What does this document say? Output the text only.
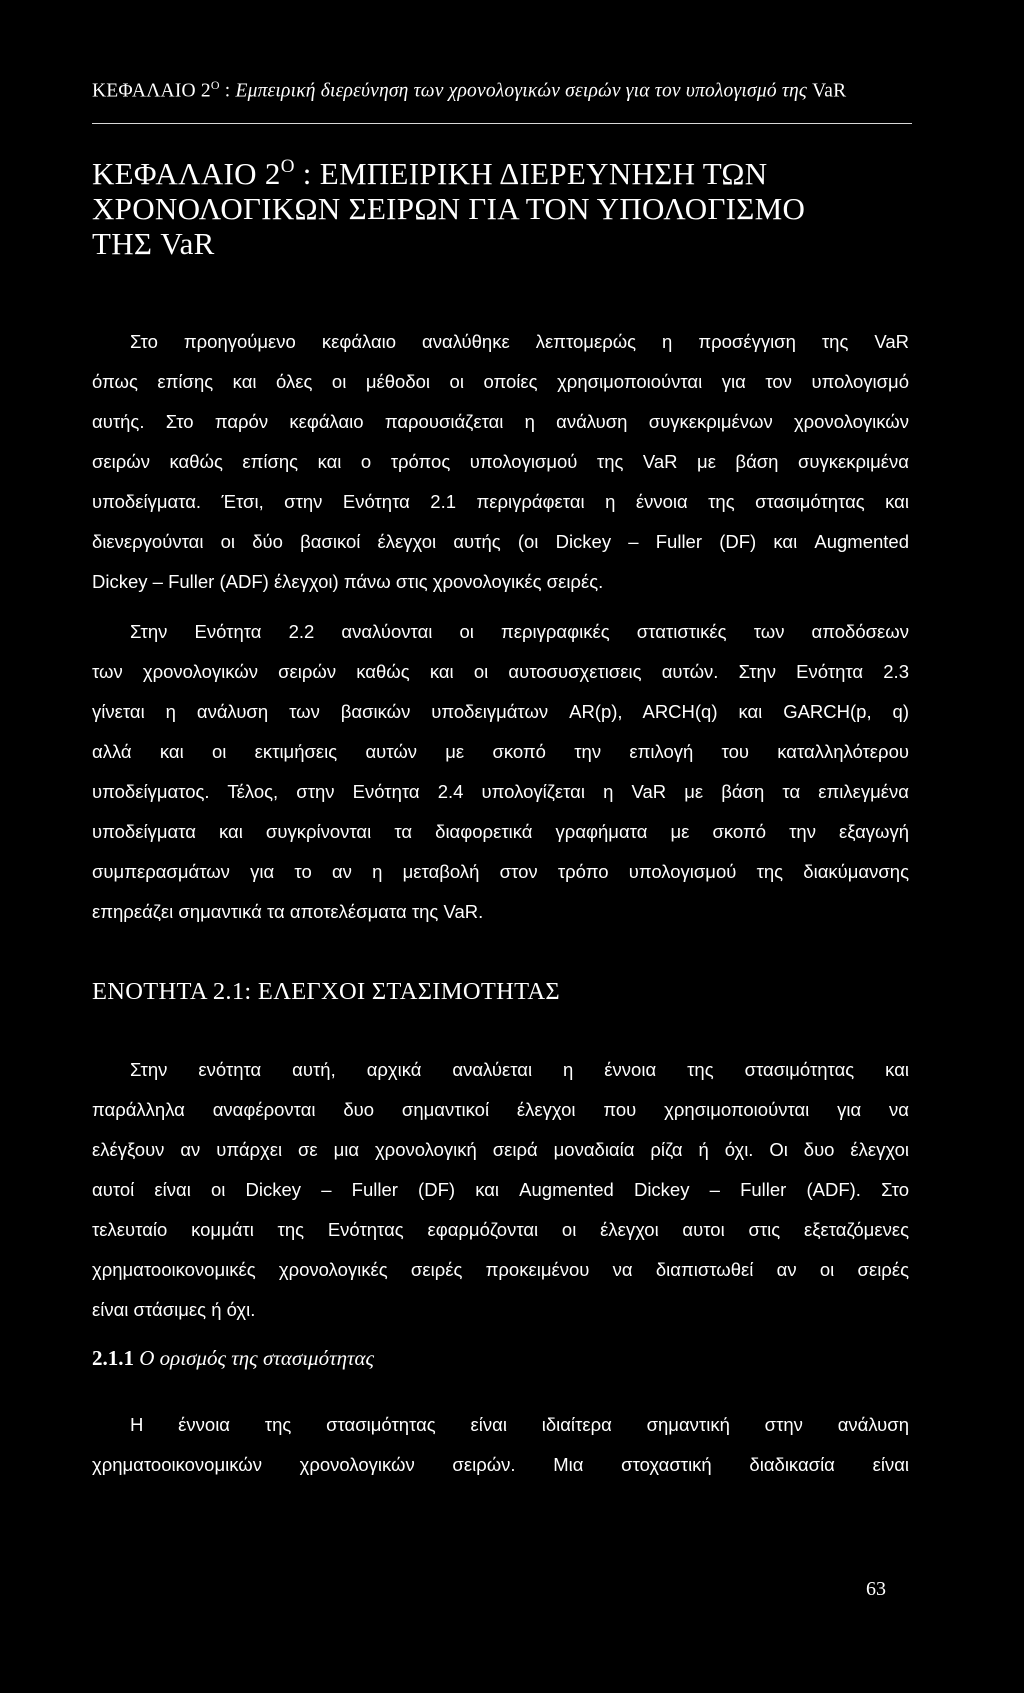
ΚΕΦΑΛΑΙΟ $2^O$ : Εμπειρική διερεύνηση των χρονολογικών σειρών για τον υπολογισμό της VaR
ΚΕΦΑΛΑΙΟ $2^O$ : ΕΜΠΕΙΡΙΚΗ ΔΙΕΡΕΥΝΗΣΗ ΤΩΝ
ΧΡΟΝΟΛΟΓΙΚΩΝ ΣΕΙΡΩΝ ΓΙΑ ΤΟΝ ΥΠΟΛΟΓΙΣΜΟ
ΤΗΣ VaR
Στο προηγούμενο κεφάλαιο αναλύθηκε λεπτομερώς η προσέγγιση της VaR
όπως επίσης και όλες οι μέθοδοι οι οποίες χρησιμοποιούνται για τον υπολογισμό
αυτής. Στο παρόν κεφάλαιο παρουσιάζεται η ανάλυση συγκεκριμένων χρονολογικών
σειρών καθώς επίσης και ο τρόπος υπολογισμού της VaR με βάση συγκεκριμένα
υποδείγματα. Έτσι, στην Ενότητα 2.1 περιγράφεται η έννοια της στασιμότητας και
διενεργούνται οι δύο βασικοί έλεγχοι αυτής (οι Dickey – Fuller (DF) και Augmented
Dickey – Fuller (ADF) έλεγχοι) πάνω στις χρονολογικές σειρές.
Στην Ενότητα 2.2 αναλύονται οι περιγραφικές στατιστικές των αποδόσεων
των χρονολογικών σειρών καθώς και οι αυτοσυσχετισεις αυτών. Στην Ενότητα 2.3
γίνεται η ανάλυση των βασικών υποδειγμάτων AR(p), ARCH(q) και GARCH(p, q)
αλλά και οι εκτιμήσεις αυτών με σκοπό την επιλογή του καταλληλότερου
υποδείγματος. Τέλος, στην Ενότητα 2.4 υπολογίζεται η VaR με βάση τα επιλεγμένα
υποδείγματα και συγκρίνονται τα διαφορετικά γραφήματα με σκοπό την εξαγωγή
συμπερασμάτων για το αν η μεταβολή στον τρόπο υπολογισμού της διακύμανσης
επηρεάζει σημαντικά τα αποτελέσματα της VaR.
ΕΝΟΤΗΤΑ 2.1: ΕΛΕΓΧΟΙ ΣΤΑΣΙΜΟΤΗΤΑΣ
Στην ενότητα αυτή, αρχικά αναλύεται η έννοια της στασιμότητας και
παράλληλα αναφέρονται δυο σημαντικοί έλεγχοι που χρησιμοποιούνται για να
ελέγξουν αν υπάρχει σε μια χρονολογική σειρά μοναδιαία ρίζα ή όχι. Οι δυο έλεγχοι
αυτοί είναι οι Dickey – Fuller (DF) και Augmented Dickey – Fuller (ADF). Στο
τελευταίο κομμάτι της Ενότητας εφαρμόζονται οι έλεγχοι αυτοι στις εξεταζόμενες
χρηματοοικονομικές χρονολογικές σειρές προκειμένου να διαπιστωθεί αν οι σειρές
είναι στάσιμες ή όχι.
2.1.1 Ο ορισμός της στασιμότητας
Η έννοια της στασιμότητας είναι ιδιαίτερα σημαντική στην ανάλυση
χρηματοοικονομικών χρονολογικών σειρών. Μια στοχαστική διαδικασία είναι
63
